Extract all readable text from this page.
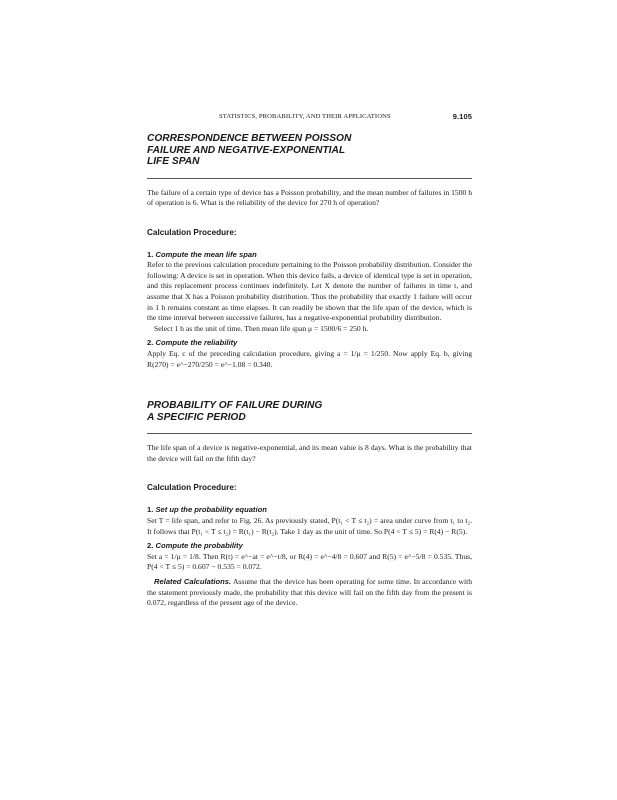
STATISTICS, PROBABILITY, AND THEIR APPLICATIONS	9.105
CORRESPONDENCE BETWEEN POISSON
FAILURE AND NEGATIVE-EXPONENTIAL
LIFE SPAN

The failure of a certain type of device has a Poisson probability, and the mean number of failures in 1500 h of operation is 6. What is the reliability of the device for 270 h of operation?

Calculation Procedure:
1. Compute the mean life span

Refer to the previous calculation procedure pertaining to the Poisson probability distribution. Consider the following: A device is set in operation. When this device fails, a device of identical type is set in operation, and this replacement process continues indefinitely. Let X denote the number of failures in time t, and assume that X has a Poisson probability distribution. Thus the probability that exactly 1 failure will occur in 1 h remains constant as time elapses. It can readily be shown that the life span of the device, which is the time interval between successive failures, has a negative-exponential probability distribution.

Select 1 h as the unit of time. Then mean life span μ = 1500/6 = 250 h.

2. Compute the reliability

Apply Eq. c of the preceding calculation procedure, giving a = 1/μ = 1/250. Now apply Eq. b, giving R(270) = e^−270/250 = e^−1.08 = 0.340.

PROBABILITY OF FAILURE DURING
A SPECIFIC PERIOD

The life span of a device is negative-exponential, and its mean value is 8 days. What is the probability that the device will fail on the fifth day?

Calculation Procedure:
1. Set up the probability equation

Set T = life span, and refer to Fig. 26. As previously stated, P(t₁ < T ≤ t₂) = area under curve from t₁ to t₂. It follows that P(t₁ < T ≤ t₂) = R(t₁) − R(t₂). Take 1 day as the unit of time. So P(4 < T ≤ 5) = R(4) − R(5).

2. Compute the probability

Set a = 1/μ = 1/8. Then R(t) = e^−at = e^−t/8, or R(4) = e^−4/8 = 0.607 and R(5) = e^−5/8 = 0.535. Thus, P(4 < T ≤ 5) = 0.607 − 0.535 = 0.072.

Related Calculations. Assume that the device has been operating for some time. In accordance with the statement previously made, the probability that this device will fail on the fifth day from the present is 0.072, regardless of the present age of the device.
